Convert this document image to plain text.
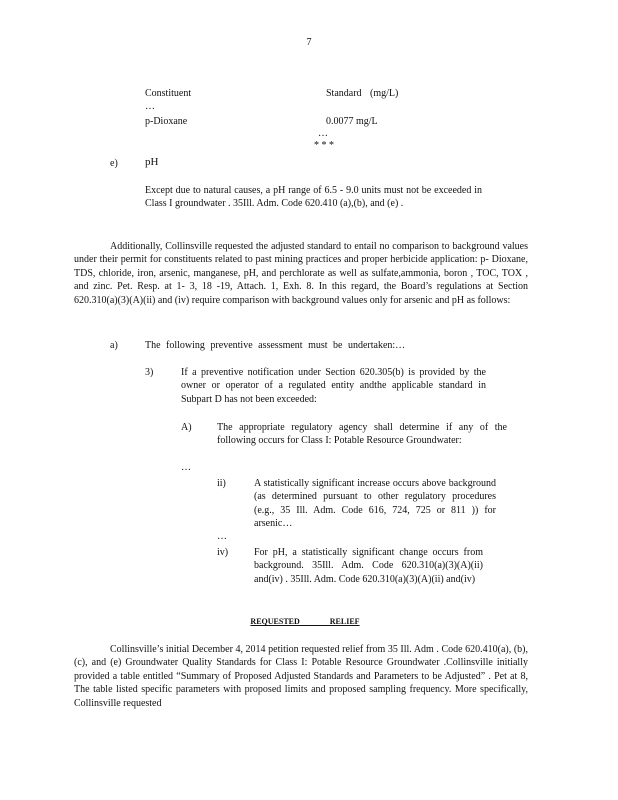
7
Constituent	Standard (mg/L)
…
p-Dioxane	0.0077 mg/L
…
* * *
e) pH

Except due to natural causes, a pH range of 6.5 - 9.0 units must not be exceeded in Class I groundwater . 35Ill. Adm. Code 620.410 (a),(b), and (e) .

Additionally, Collinsville requested the adjusted standard to entail no comparison to background values under their permit for constituents related to past mining practices and proper herbicide application: p- Dioxane, TDS, chloride, iron, arsenic, manganese, pH, and perchlorate as well as sulfate,ammonia, boron , TOC, TOX , and zinc. Pet. Resp. at 1- 3, 18 -19, Attach. 1, Exh. 8. In this regard, the Board’s regulations at Section 620.310(a)(3)(A)(ii) and (iv) require comparison with background values only for arsenic and pH as follows:

a)	The following preventive assessment must be undertaken:…
3)	If a preventive notification under Section 620.305(b) is provided by the owner or operator of a regulated entity andthe applicable standard in Subpart D has not been exceeded:

A)	The appropriate regulatory agency shall determine if any of the following occurs for Class I: Potable Resource Groundwater:

…
ii)	A statistically significant increase occurs above background (as determined pursuant to other regulatory procedures (e.g., 35 Ill. Adm. Code 616, 724, 725 or 811 )) for arsenic…

…
iv)	For pH, a statistically significant change occurs from background. 35Ill. Adm. Code 620.310(a)(3)(A)(ii) and(iv) . 35Ill. Adm. Code 620.310(a)(3)(A)(ii) and(iv)

REQUESTED RELIEF

Collinsville’s initial December 4, 2014 petition requested relief from 35 Ill. Adm . Code 620.410(a), (b), (c), and (e) Groundwater Quality Standards for Class I: Potable Resource Groundwater .Collinsville initially provided a table entitled “Summary of Proposed Adjusted Standards and Parameters to be Adjusted” . Pet at 8, The table listed specific parameters with proposed limits and proposed sampling frequency. More specifically, Collinsville requested
